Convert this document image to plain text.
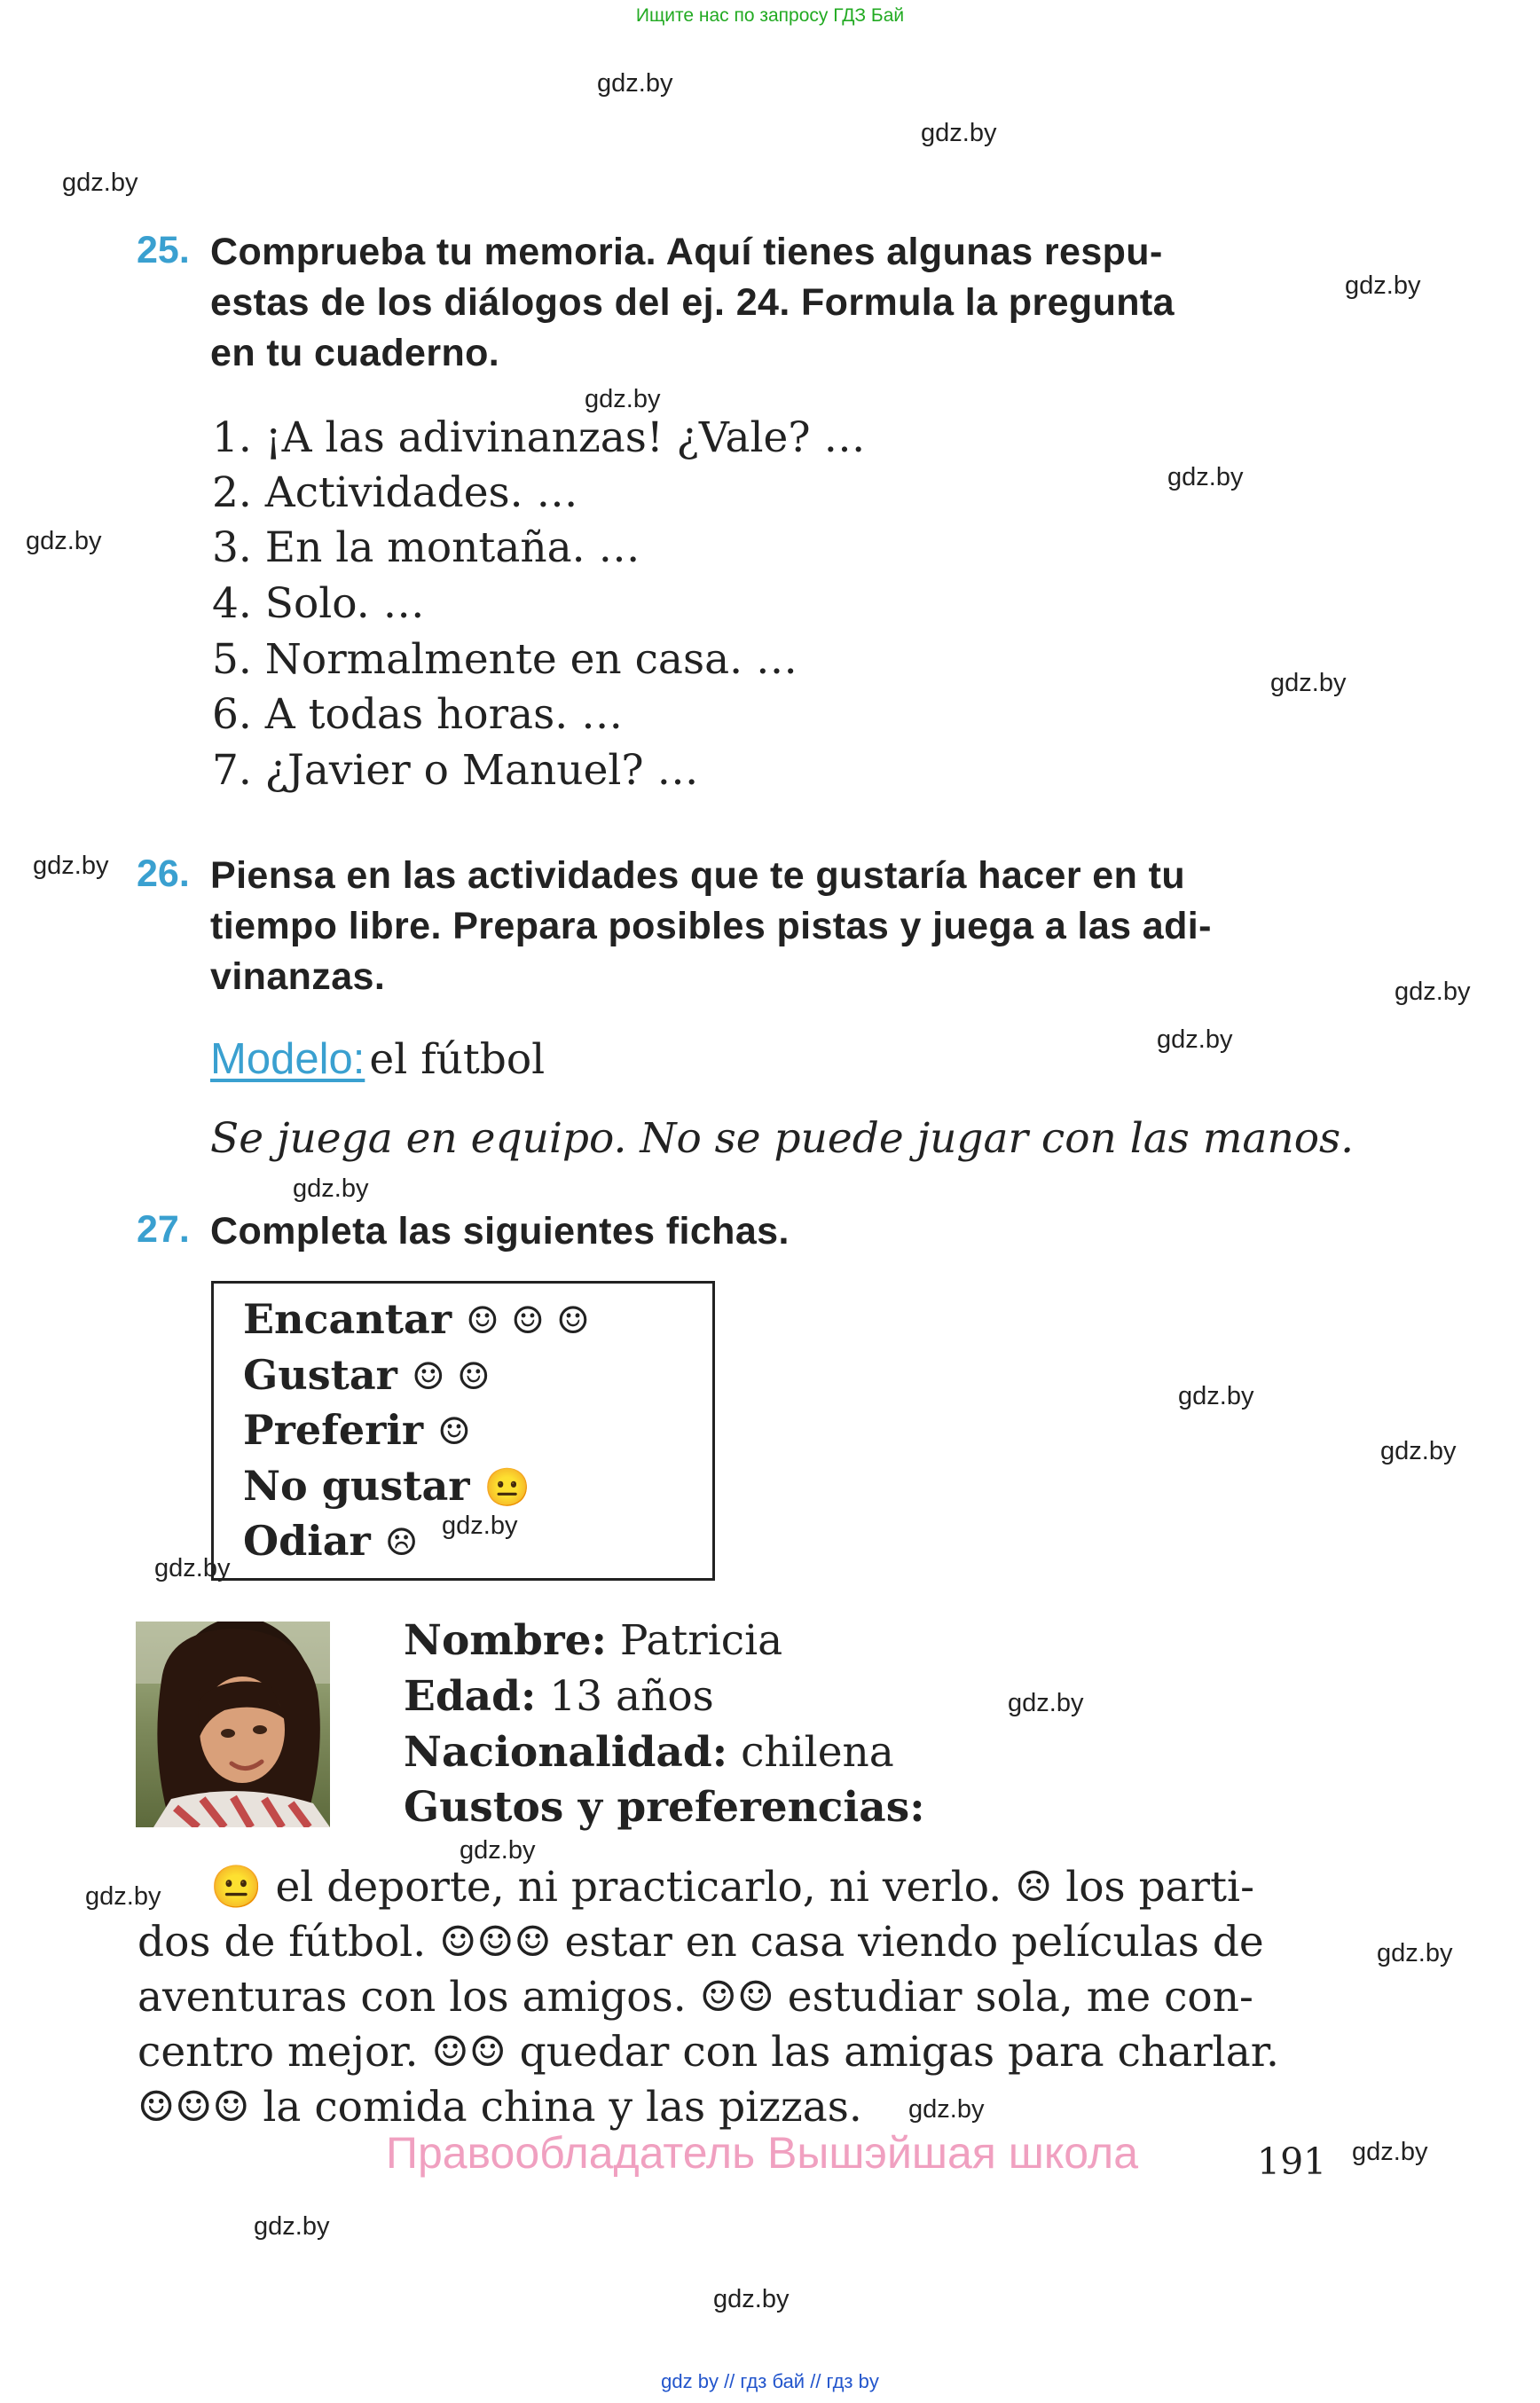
Ищите нас по запросу ГДЗ Бай
gdz.by
gdz.by
gdz.by
gdz.by
gdz.by
gdz.by
gdz.by
gdz.by
gdz.by
gdz.by
gdz.by
gdz.by
gdz.by
gdz.by
gdz.by
gdz.by
gdz.by
gdz.by
gdz.by
gdz.by
gdz.by
gdz.by
gdz.by
gdz.by
25. Comprueba tu memoria. Aquí tienes algunas respu-
estas de los diálogos del ej. 24. Formula la pregunta
en tu cuaderno.
1. ¡A las adivinanzas! ¿Vale? …
2. Actividades. …
3. En la montaña. …
4. Solo. …
5. Normalmente en casa. …
6. A todas horas. …
7. ¿Javier o Manuel? …
26. Piensa en las actividades que te gustaría hacer en tu
tiempo libre. Prepara posibles pistas y juega a las adi-
vinanzas.
Modelo: el fútbol
Se juega en equipo. No se puede jugar con las manos.
27. Completa las siguientes fichas.
Encantar ☺ ☺ ☺
Gustar ☺ ☺
Preferir ☺
No gustar 😐
Odiar ☹
Nombre: Patricia
Edad: 13 años
Nacionalidad: chilena
Gustos y preferencias:
😐 el deporte, ni practicarlo, ni verlo. ☹ los parti-
dos de fútbol. ☺☺☺ estar en casa viendo películas de
aventuras con los amigos. ☺☺ estudiar sola, me con-
centro mejor. ☺☺ quedar con las amigas para charlar.
☺☺☺ la comida china y las pizzas.
Правообладатель Вышэйшая школа	191
gdz by // гдз бай // гдз by
